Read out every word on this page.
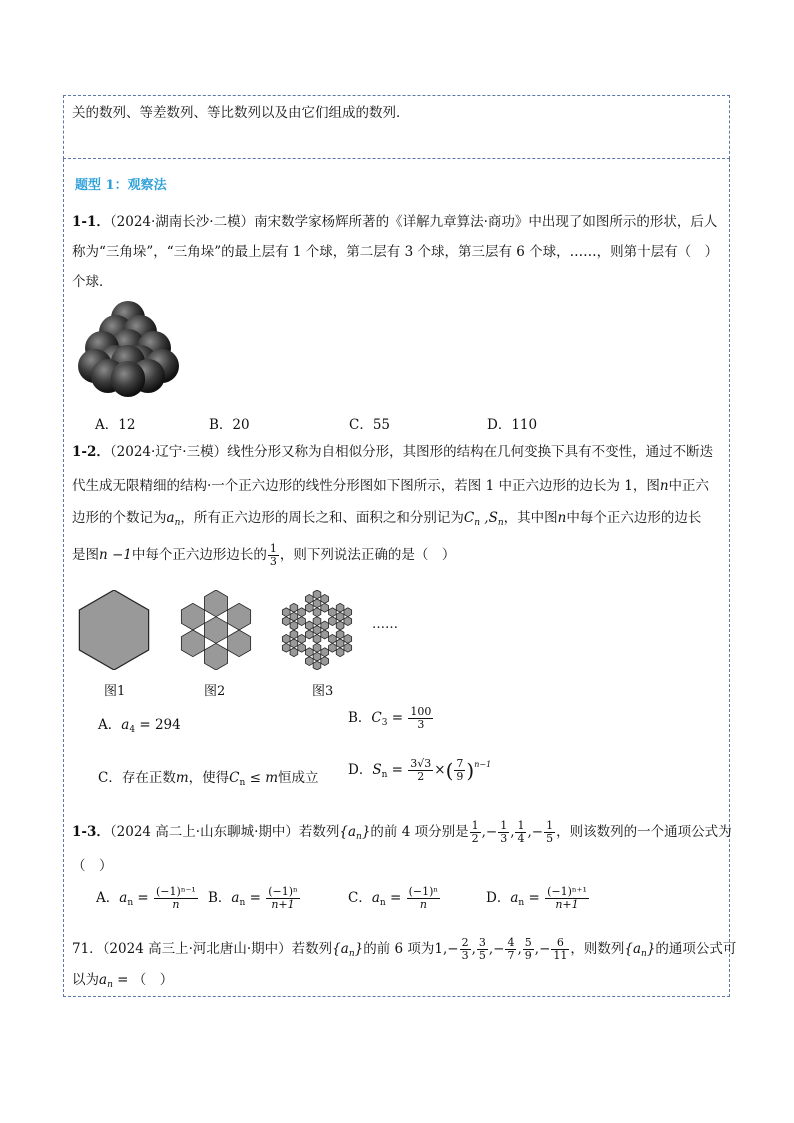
关的数列、等差数列、等比数列以及由它们组成的数列．
题型 1：观察法
1-1．（2024·湖南长沙·二模）南宋数学家杨辉所著的《详解九章算法·商功》中出现了如图所示的形状，后人
称为“三角垛”，“三角垛”的最上层有 1 个球，第二层有 3 个球，第三层有 6 个球，……，则第十层有（　）
个球．
A．12	B．20	C．55	D．110
1-2．（2024·辽宁·三模）线性分形又称为自相似分形，其图形的结构在几何变换下具有不变性，通过不断迭
代生成无限精细的结构·一个正六边形的线性分形图如下图所示，若图 1 中正六边形的边长为 1，图n中正六
边形的个数记为$a_n$，所有正六边形的周长之和、面积之和分别记为$C_n$ $,S_n$，其中图n中每个正六边形的边长
是图n −1中每个正六边形边长的 $\frac{1}{3}$ ，则下列说法正确的是（　）
……
图1	图2	图3
A．$a_4 = 294$	B．$C_3 = \frac{100}{3}$
C．存在正数m，使得$C_n \le m$恒成立 D．$S_n = \frac{3√3}{2}$ ×( $\frac{7}{9} )^{n-1}$
1-3．（2024 高二上·山东聊城·期中）若数列$\{a_n\}$的前 4 项分别是 $\frac{1}{2}$ ,− $\frac{1}{3}$ , $\frac{1}{4}$ ,− $\frac{1}{5}$ ，则该数列的一个通项公式为
（　）
A．$a_n = \frac{\text{(−1)ⁿ⁻¹}}{n}$ B．$a_n = \frac{\text{(−1)ⁿ}}{n+1}$	C．$a_n = \frac{\text{(−1)ⁿ}}{n}$	D．$a_n = \frac{\text{(−1)ⁿ⁺¹}}{n+1}$
71．（2024 高三上·河北唐山·期中）若数列$\{a_n\}$的前 6 项为$1,- \frac{2}{3}$ , $\frac{3}{5}$ ,− $\frac{4}{7}$ , $\frac{5}{9}$ ,− $\frac{6}{11}$ ，则数列$\{a_n\}$的通项公式可
以为$a_n$ = （　）
